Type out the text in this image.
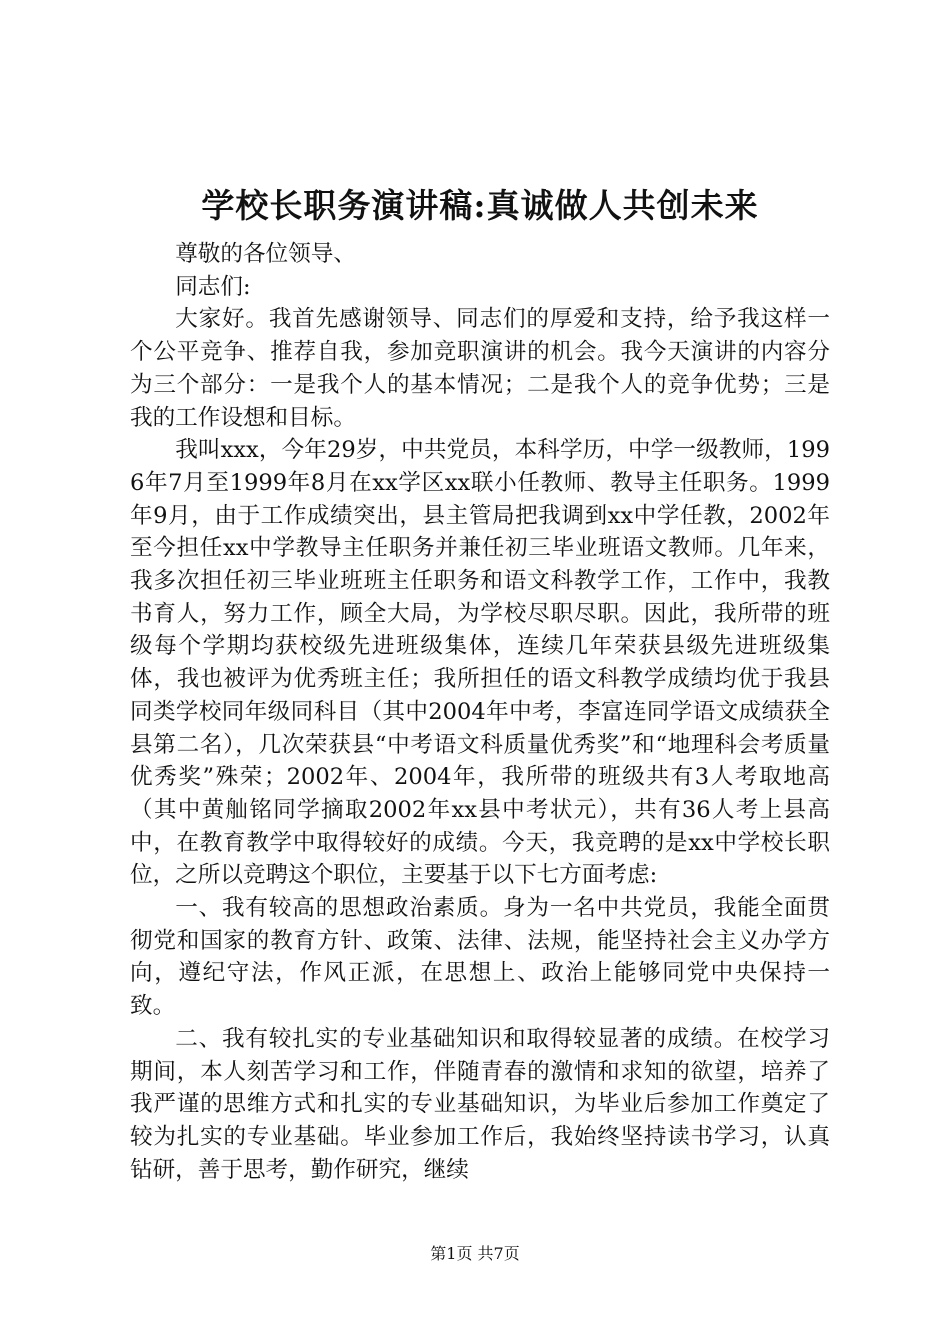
学校长职务演讲稿:真诚做人共创未来

尊敬的各位领导、

同志们:

大家好。我首先感谢领导、同志们的厚爱和支持，给予我这样一个公平竞争、推荐自我，参加竞职演讲的机会。我今天演讲的内容分为三个部分：一是我个人的基本情况；二是我个人的竞争优势；三是我的工作设想和目标。

我叫xxx，今年29岁，中共党员，本科学历，中学一级教师，1996年7月至1999年8月在xx学区xx联小任教师、教导主任职务。1999年9月，由于工作成绩突出，县主管局把我调到xx中学任教，2002年至今担任xx中学教导主任职务并兼任初三毕业班语文教师。几年来，我多次担任初三毕业班班主任职务和语文科教学工作，工作中，我教书育人，努力工作，顾全大局，为学校尽职尽职。因此，我所带的班级每个学期均获校级先进班级集体，连续几年荣获县级先进班级集体，我也被评为优秀班主任；我所担任的语文科教学成绩均优于我县同类学校同年级同科目（其中2004年中考，李富连同学语文成绩获全县第二名），几次荣获县“中考语文科质量优秀奖”和“地理科会考质量优秀奖”殊荣；2002年、2004年，我所带的班级共有3人考取地高（其中黄舢铭同学摘取2002年xx县中考状元），共有36人考上县高中，在教育教学中取得较好的成绩。今天，我竞聘的是xx中学校长职位，之所以竞聘这个职位，主要基于以下七方面考虑:

一、我有较高的思想政治素质。身为一名中共党员，我能全面贯彻党和国家的教育方针、政策、法律、法规，能坚持社会主义办学方向，遵纪守法，作风正派，在思想上、政治上能够同党中央保持一致。

二、我有较扎实的专业基础知识和取得较显著的成绩。在校学习期间，本人刻苦学习和工作，伴随青春的激情和求知的欲望，培养了我严谨的思维方式和扎实的专业基础知识，为毕业后参加工作奠定了较为扎实的专业基础。毕业参加工作后，我始终坚持读书学习，认真钻研，善于思考，勤作研究，继续

第1页 共7页
